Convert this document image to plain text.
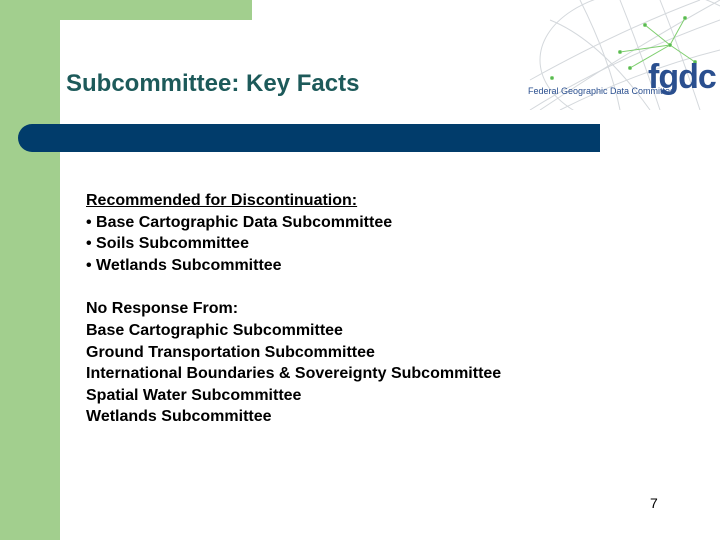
Subcommittee: Key Facts	fgdc
Federal Geographic Data Committee
Recommended for Discontinuation:
• Base Cartographic Data Subcommittee
• Soils Subcommittee
• Wetlands Subcommittee
No Response From:
Base Cartographic Subcommittee
Ground Transportation Subcommittee
International Boundaries & Sovereignty Subcommittee
Spatial Water Subcommittee
Wetlands Subcommittee
7
